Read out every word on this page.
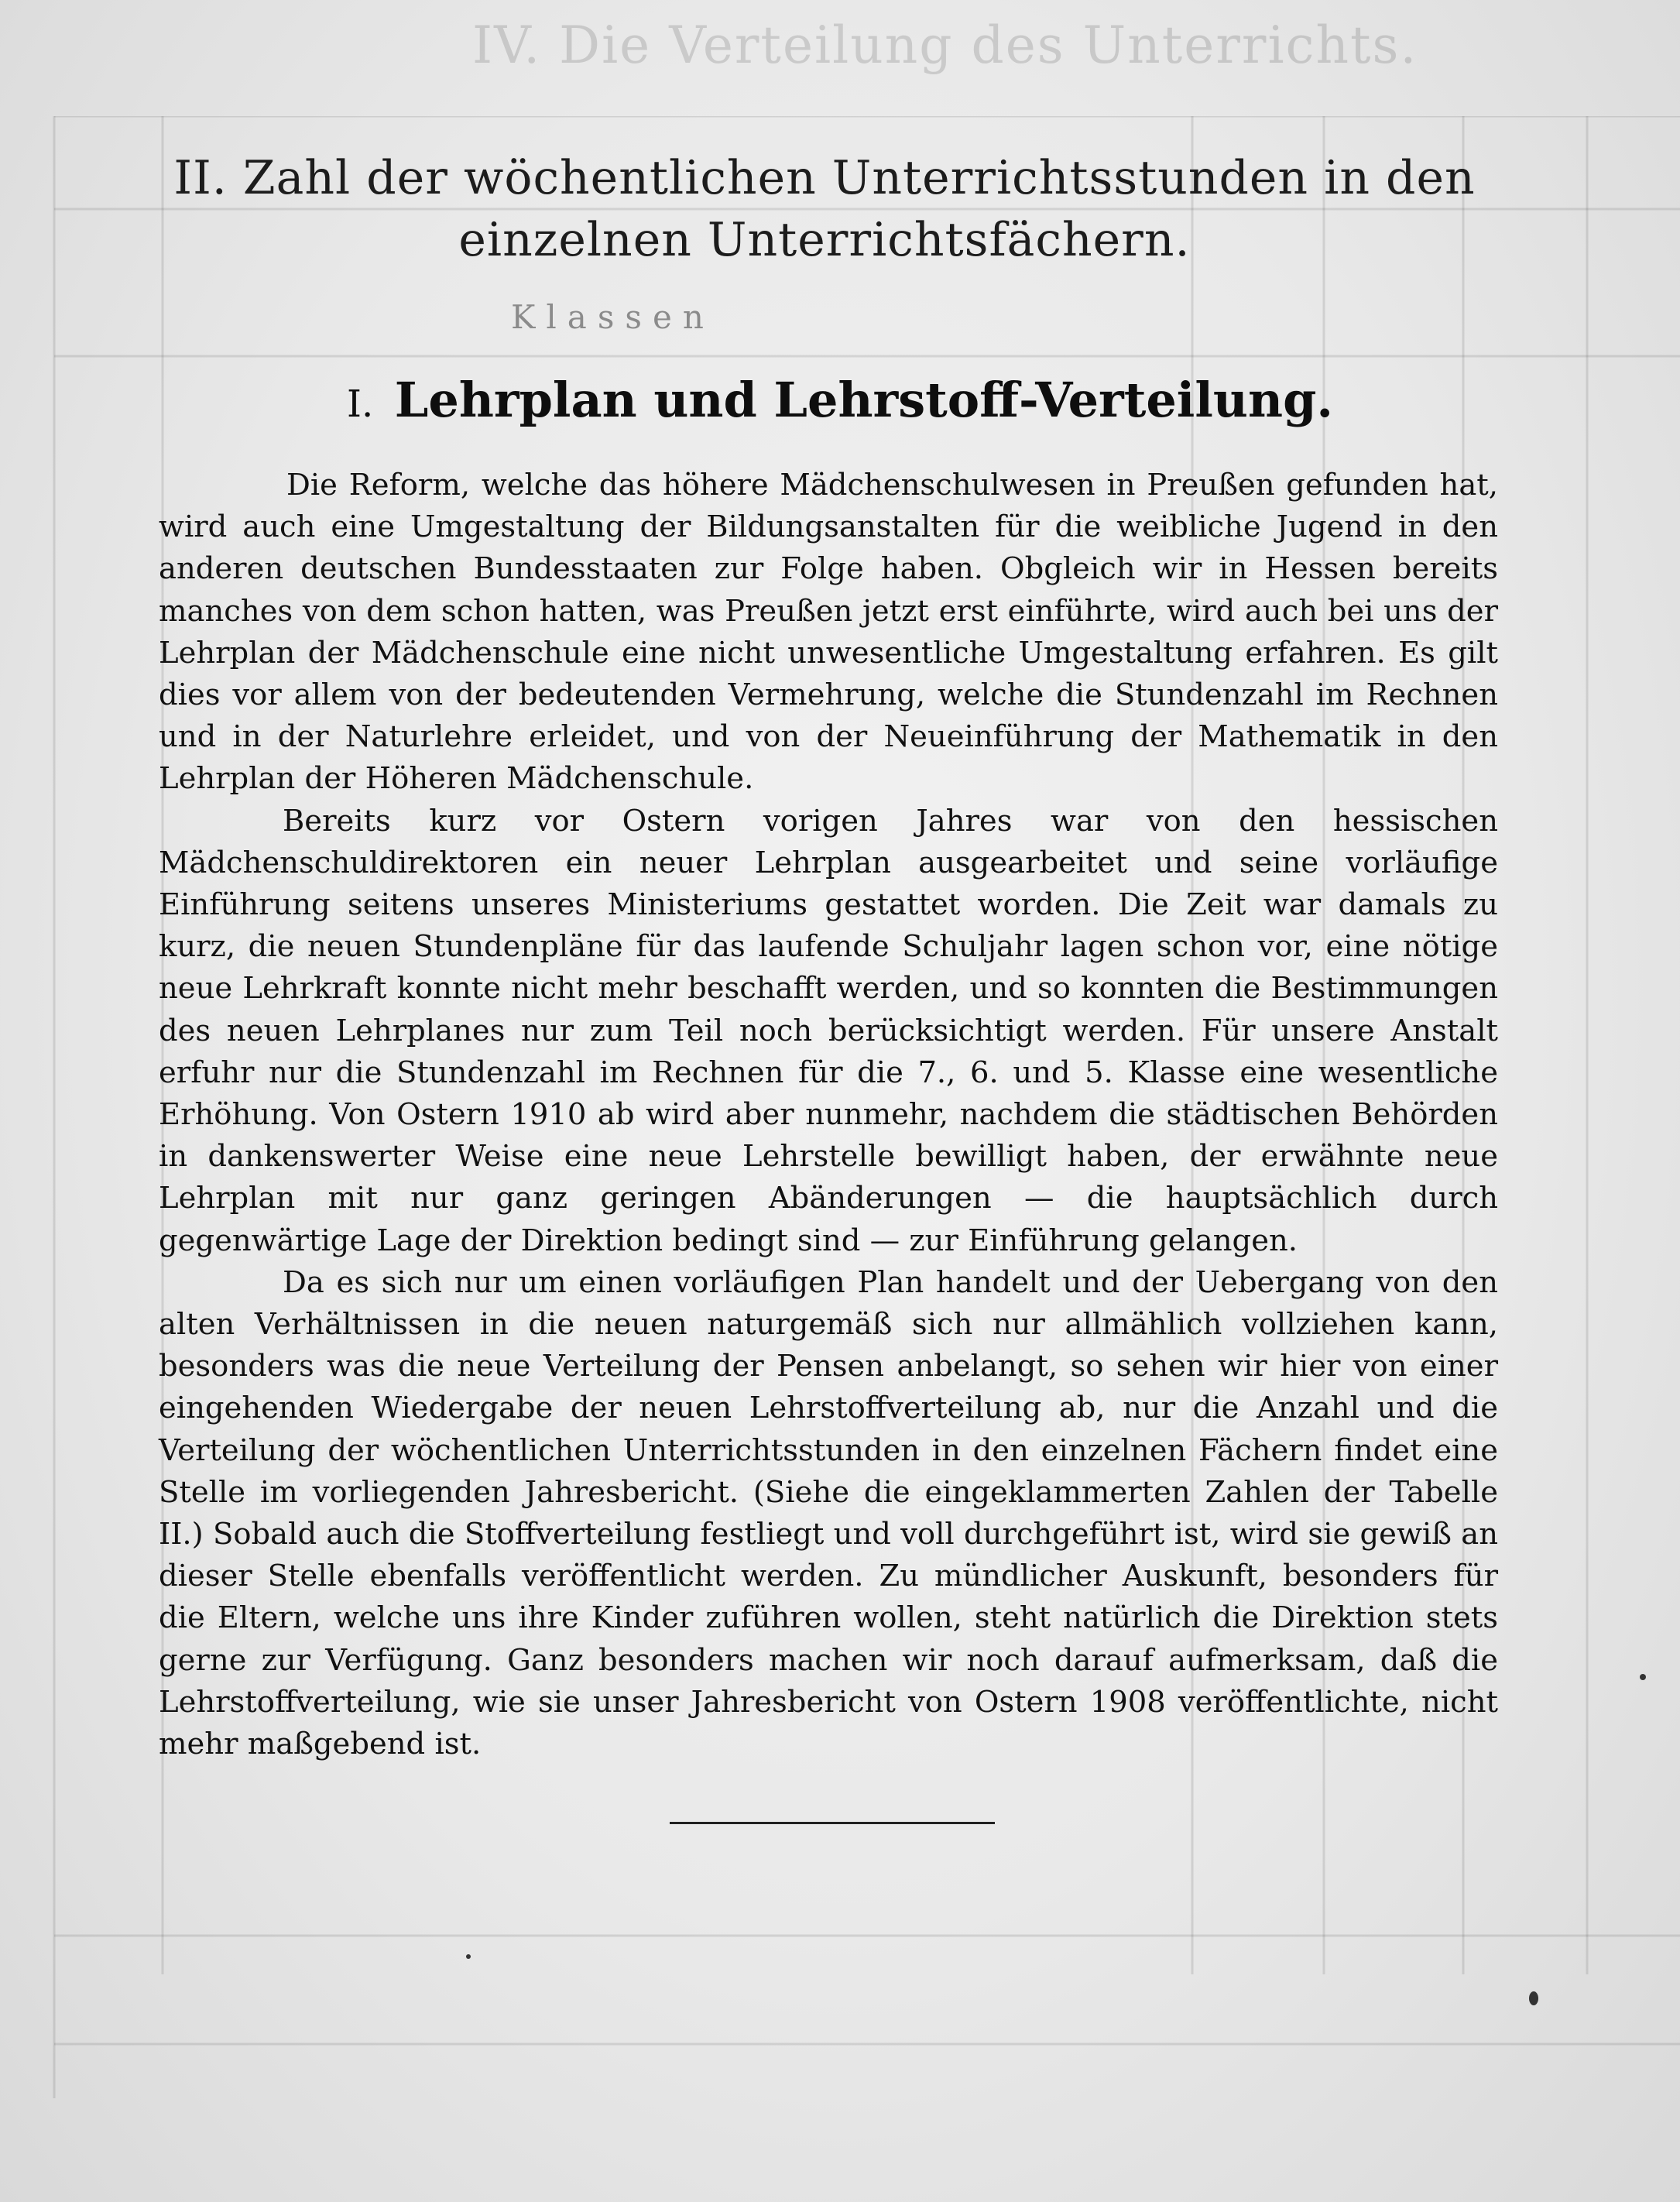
IV. Die Verteilung des Unterrichts.
II. Zahl der wöchentlichen Unterrichtsstunden in den einzelnen Unterrichtsfächern.
Klassen
I. Lehrplan und Lehrstoff-Verteilung.

Die Reform, welche das höhere Mädchenschulwesen in Preußen gefunden hat, wird auch eine Umgestaltung der Bildungsanstalten für die weibliche Jugend in den anderen deutschen Bundesstaaten zur Folge haben. Obgleich wir in Hessen bereits manches von dem schon hatten, was Preußen jetzt erst einführte, wird auch bei uns der Lehrplan der Mädchenschule eine nicht unwesentliche Umgestaltung erfahren. Es gilt dies vor allem von der bedeutenden Vermehrung, welche die Stundenzahl im Rechnen und in der Naturlehre erleidet, und von der Neueinführung der Mathematik in den Lehrplan der Höheren Mädchenschule.

Bereits kurz vor Ostern vorigen Jahres war von den hessischen Mädchenschuldirektoren ein neuer Lehrplan ausgearbeitet und seine vorläufige Einführung seitens unseres Ministeriums gestattet worden. Die Zeit war damals zu kurz, die neuen Stundenpläne für das laufende Schuljahr lagen schon vor, eine nötige neue Lehrkraft konnte nicht mehr beschafft werden, und so konnten die Bestimmungen des neuen Lehrplanes nur zum Teil noch berücksichtigt werden. Für unsere Anstalt erfuhr nur die Stundenzahl im Rechnen für die 7., 6. und 5. Klasse eine wesentliche Erhöhung. Von Ostern 1910 ab wird aber nunmehr, nachdem die städtischen Behörden in dankenswerter Weise eine neue Lehrstelle bewilligt haben, der erwähnte neue Lehrplan mit nur ganz geringen Abänderungen — die hauptsächlich durch gegenwärtige Lage der Direktion bedingt sind — zur Einführung gelangen.

Da es sich nur um einen vorläufigen Plan handelt und der Uebergang von den alten Verhältnissen in die neuen naturgemäß sich nur allmählich vollziehen kann, besonders was die neue Verteilung der Pensen anbelangt, so sehen wir hier von einer eingehenden Wiedergabe der neuen Lehrstoffverteilung ab, nur die Anzahl und die Verteilung der wöchentlichen Unterrichtsstunden in den einzelnen Fächern findet eine Stelle im vorliegenden Jahresbericht. (Siehe die eingeklammerten Zahlen der Tabelle II.) Sobald auch die Stoffverteilung festliegt und voll durchgeführt ist, wird sie gewiß an dieser Stelle ebenfalls veröffentlicht werden. Zu mündlicher Auskunft, besonders für die Eltern, welche uns ihre Kinder zuführen wollen, steht natürlich die Direktion stets gerne zur Verfügung. Ganz besonders machen wir noch darauf aufmerksam, daß die Lehrstoffverteilung, wie sie unser Jahresbericht von Ostern 1908 veröffentlichte, nicht mehr maßgebend ist.
